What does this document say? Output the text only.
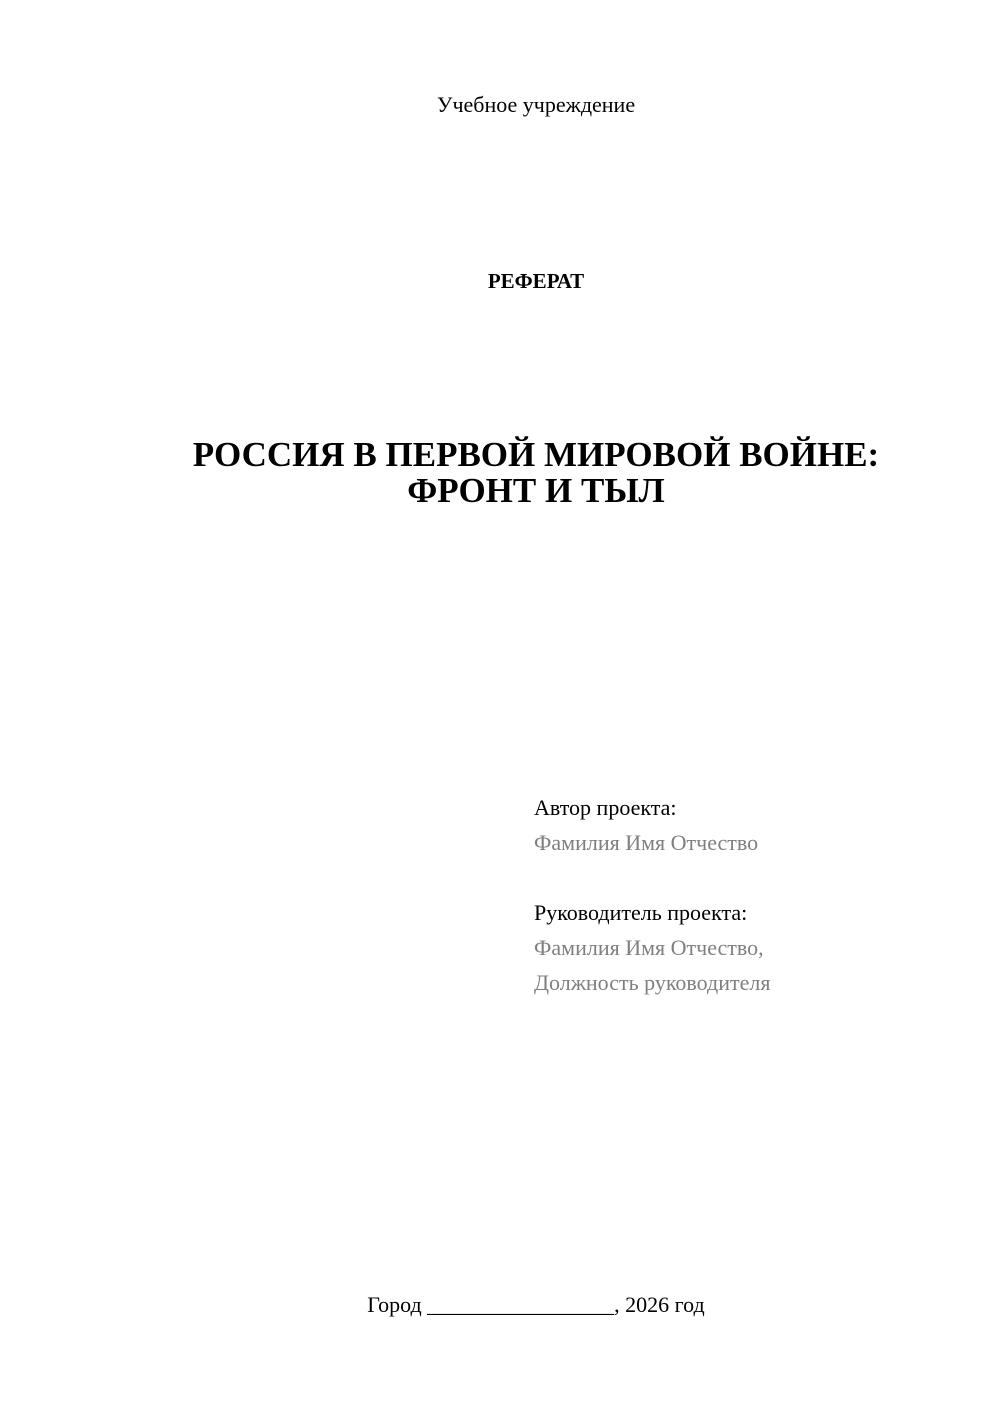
Учебное учреждение
РЕФЕРАТ
РОССИЯ В ПЕРВОЙ МИРОВОЙ ВОЙНЕ:
ФРОНТ И ТЫЛ
Автор проекта:
Фамилия Имя Отчество
Руководитель проекта:
Фамилия Имя Отчество,
Должность руководителя
Город _________________, 2026 год
